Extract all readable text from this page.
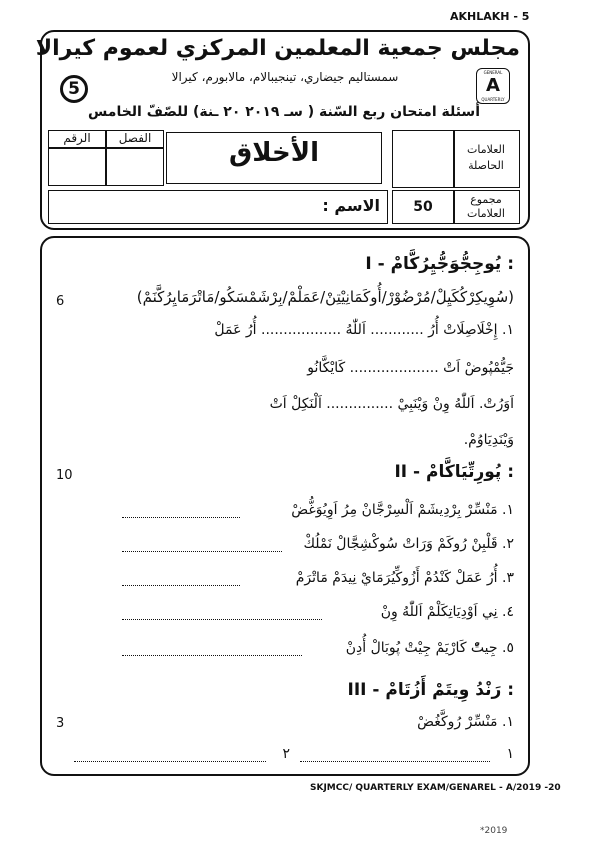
AKHLAKH - 5
مجلس جمعية المعلمين المركزي لعموم كيرالا
سمستاليم جيضاري، تينجيبالام، مالابورم، كيرالا
5
GENERAL
A
QUARTERLY
أسئلة امتحان ربع السّنة ( سـ ٢٠١٩ ٢٠ ـنة) للصّفّ الخامس
العلامات الحاصلة
الأخلاق
الفصل
الرقم
مجموع العلامات
50
الاسم :
I - يُوجِجُّوَجُّيِرُكَّامْ :
6	(سُوِيكِرْكُكَيِلْ/مُرْضُوْرْ/أُوكَمَانِيْتِنْ/عَمَلْمْ/بِرْشَمْسَكُو/مَاتْرَمَايِرُكَّنَمْ)
١. إِخْلَاصِلَاتْ أُرُ ............ اَللّٰهُ .................. أُرُ عَمَلْ
جَيُّمْپُوضْ اَتْ .................... كَايْكَّانُو
اَوَرُتْ. اَللّٰهُ وِنْ وَيْنَبِيْ ............... اَلْنَكِلْ اَتْ
وَيْنَدِيَاوُمْ.
II - پُورِتِّيَاكَّامْ :
10
١. مَنْسِّرْ بِرْدِيشَمْ اَلْسِرْجَّانْ مِرُ اَوِيُوَغُّضْ
٢. قَلْبِنْ رُوكَمْ وَرَاتْ سُوكْشِجَّالْ نَمْلُكْ
٣. أُرُ عَمَلْ كَنْدُمْ أَزُوكِّيُرَمَايْ نِيدَمْ مَاتْرَمْ
٤. نِي اَوْدِيَاتِكَلْمْ اَللّٰهُ وِنْ
٥. جِيتّْ كَارْيَمْ جِيْتْ پُوبَالْ أُدِنْ
III - رَنْدُ وِيتَمْ أَزُتَامْ :
3	١. مَنْسِّرْ رُوكَّغُضْ
١
٢
SKJMCC/ QUARTERLY EXAM/GENAREL - A/2019 -20
*2019
